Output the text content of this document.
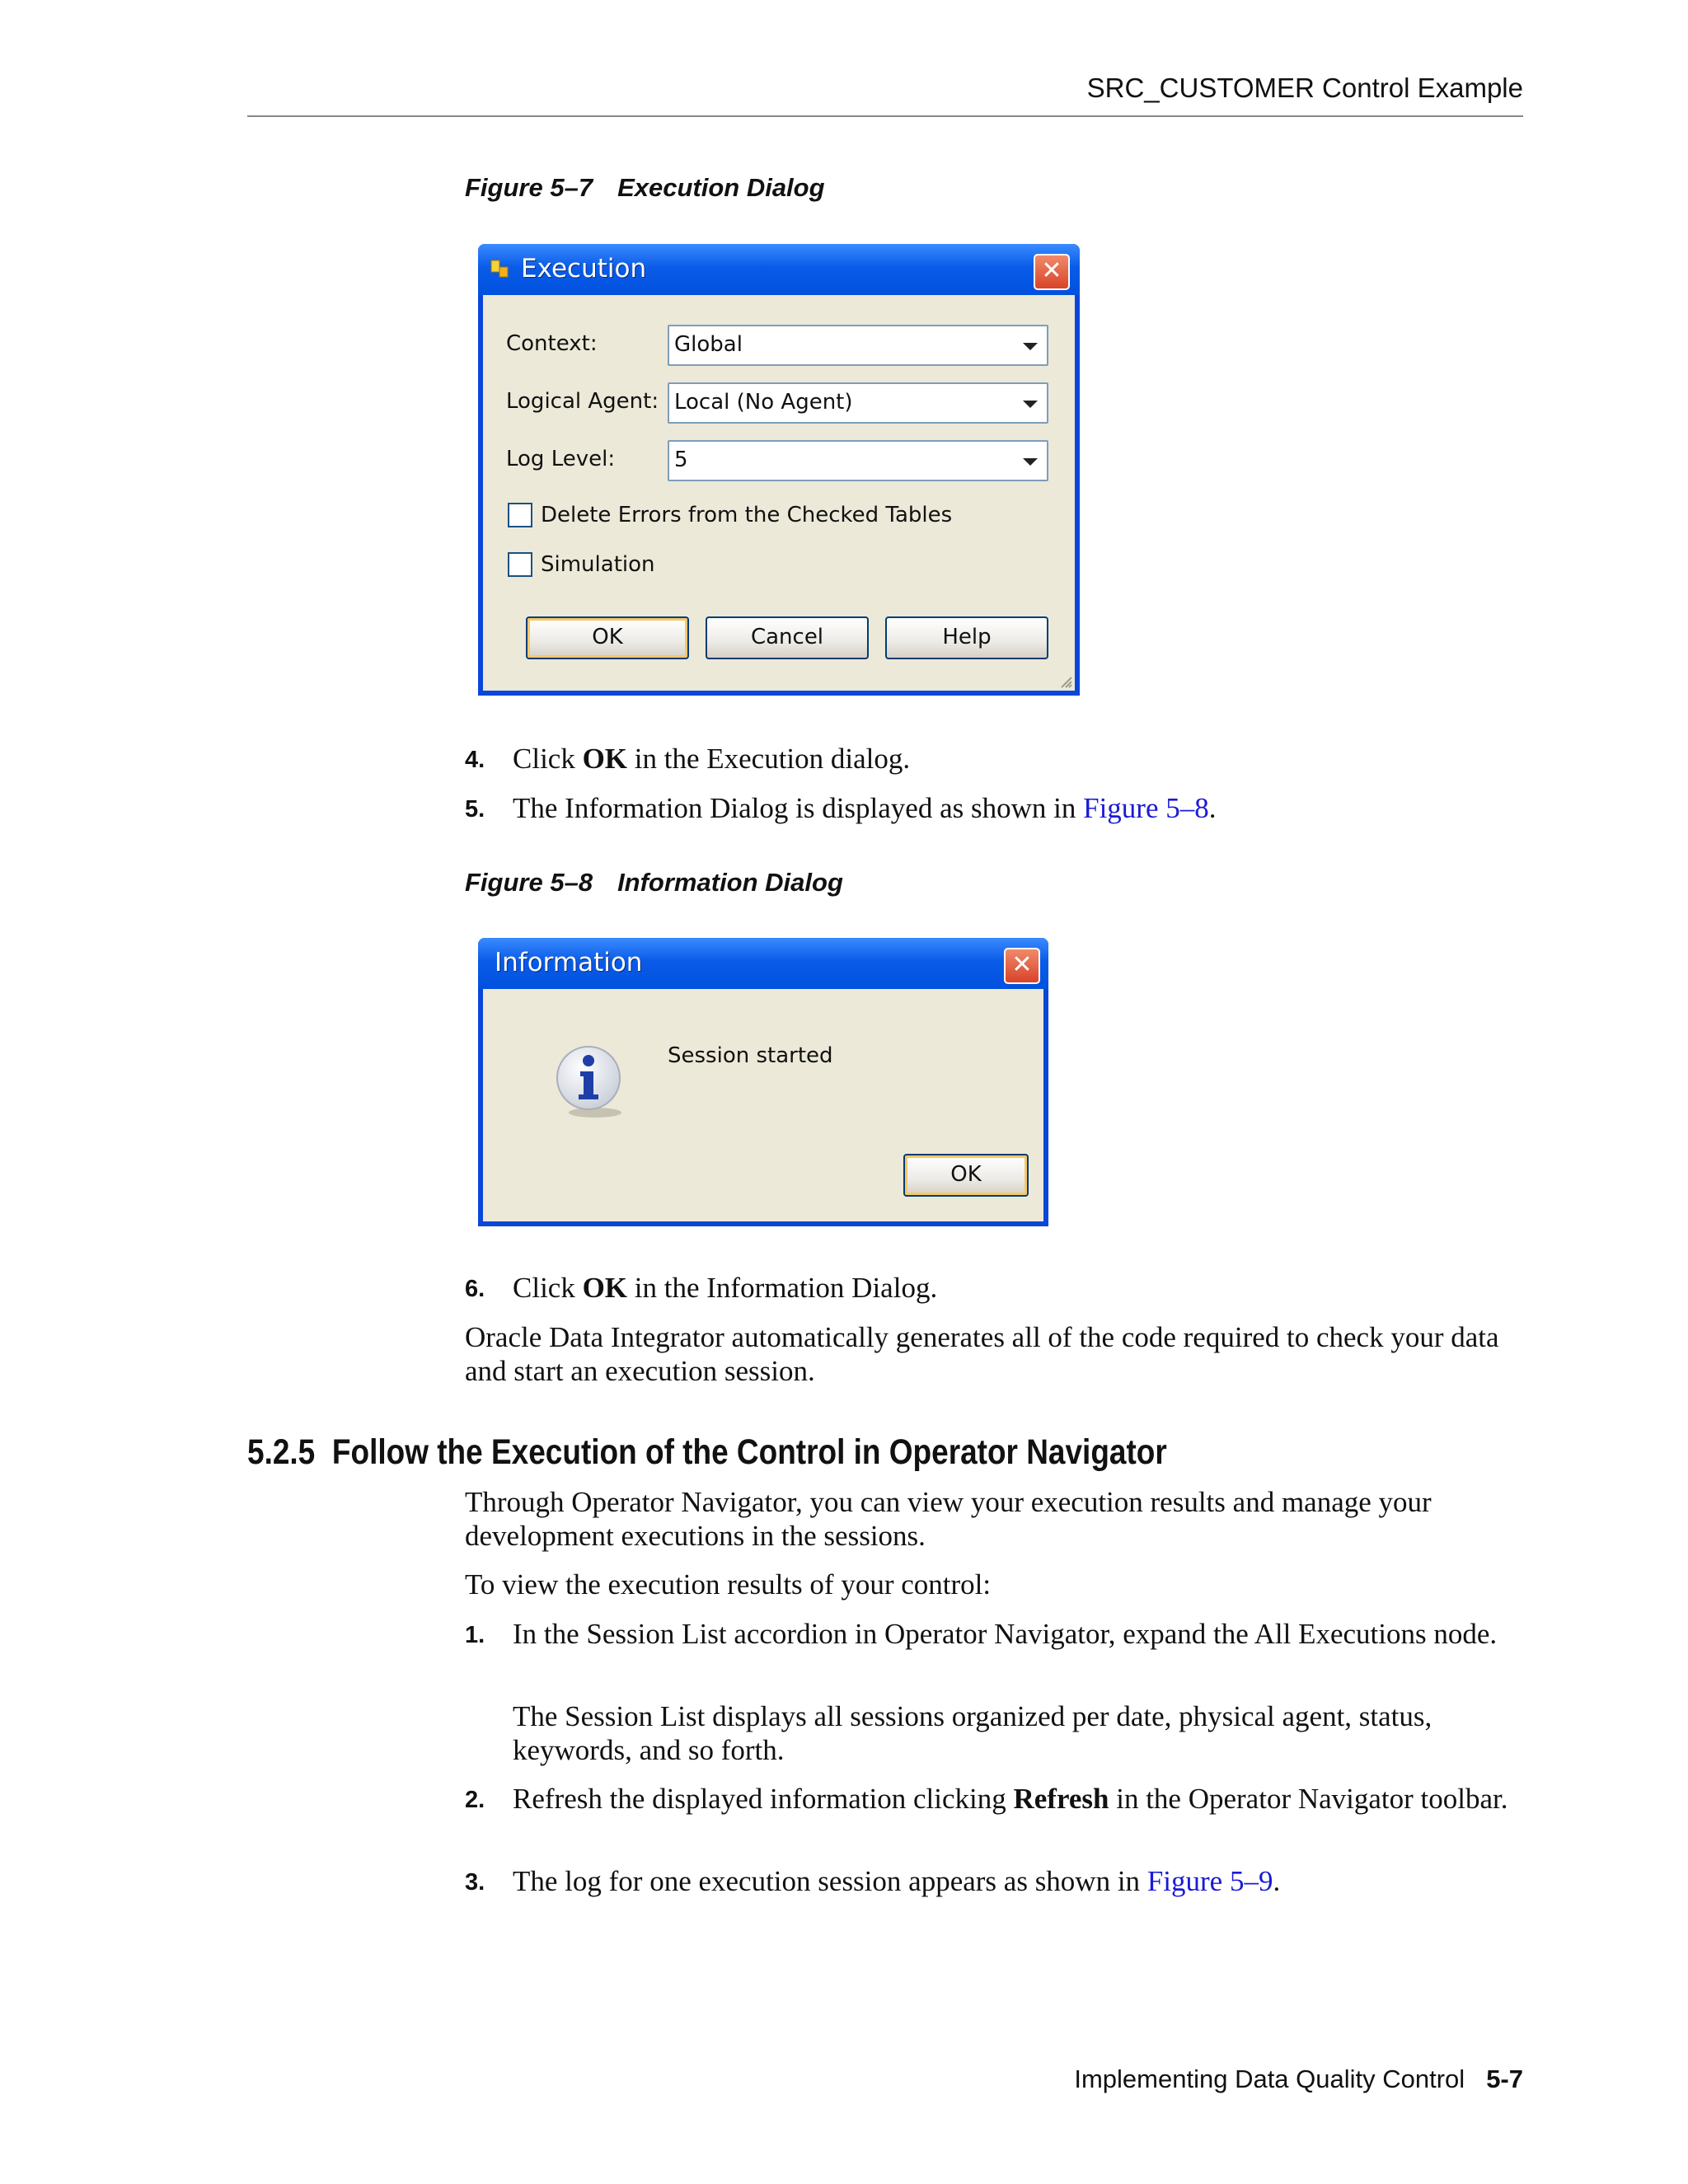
SRC_CUSTOMER Control Example
Figure 5–7 Execution Dialog
Execution	✕
Context:	Global
Logical Agent: Local (No Agent)
Log Level:	5
Delete Errors from the Checked Tables
Simulation
OK	Cancel	Help
4. Click OK in the Execution dialog.
5. The Information Dialog is displayed as shown in Figure 5–8.
Figure 5–8 Information Dialog
Information	✕
Session started
OK
6. Click OK in the Information Dialog.
Oracle Data Integrator automatically generates all of the code required to check your data and start an execution session.
5.2.5 Follow the Execution of the Control in Operator Navigator
Through Operator Navigator, you can view your execution results and manage your development executions in the sessions.
To view the execution results of your control:
1. In the Session List accordion in Operator Navigator, expand the All Executions node.
The Session List displays all sessions organized per date, physical agent, status, keywords, and so forth.
2. Refresh the displayed information clicking Refresh in the Operator Navigator toolbar.
3. The log for one execution session appears as shown in Figure 5–9.
Implementing Data Quality Control 5-7
